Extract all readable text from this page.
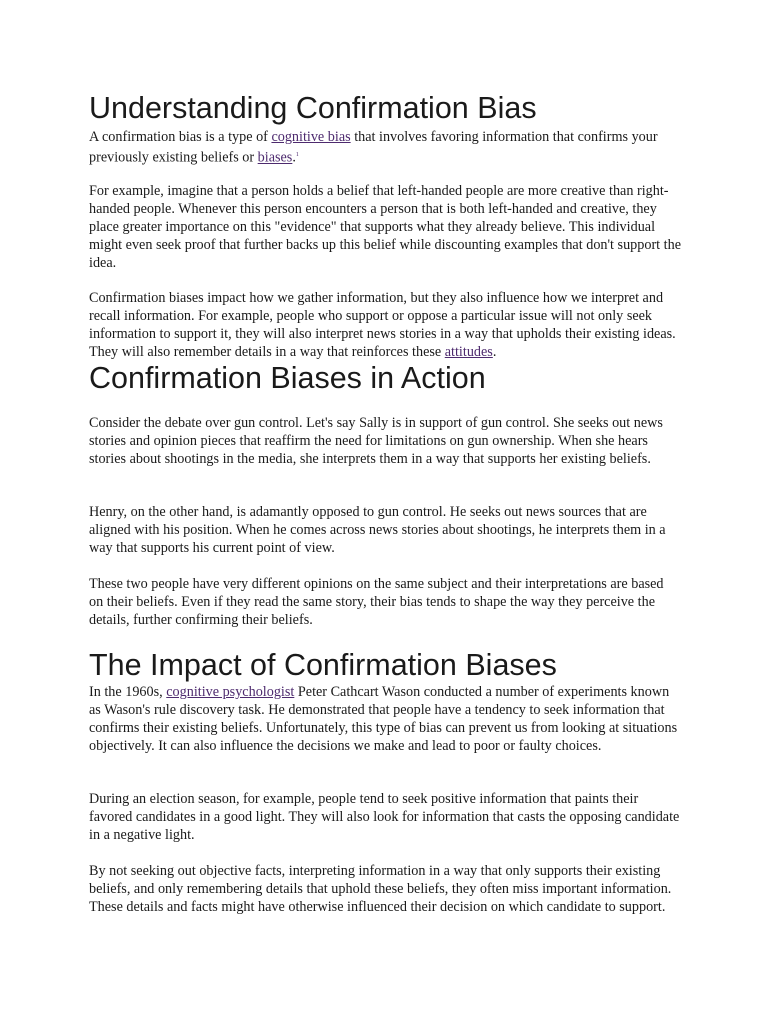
Understanding Confirmation Bias

A confirmation bias is a type of cognitive bias that involves favoring information that confirms your previously existing beliefs or biases.$^1$

For example, imagine that a person holds a belief that left-handed people are more creative than right-handed people. Whenever this person encounters a person that is both left-handed and creative, they place greater importance on this "evidence" that supports what they already believe. This individual might even seek proof that further backs up this belief while discounting examples that don't support the idea.

Confirmation biases impact how we gather information, but they also influence how we interpret and recall information. For example, people who support or oppose a particular issue will not only seek information to support it, they will also interpret news stories in a way that upholds their existing ideas. They will also remember details in a way that reinforces these attitudes.

Confirmation Biases in Action

Consider the debate over gun control. Let's say Sally is in support of gun control. She seeks out news stories and opinion pieces that reaffirm the need for limitations on gun ownership. When she hears stories about shootings in the media, she interprets them in a way that supports her existing beliefs.

Henry, on the other hand, is adamantly opposed to gun control. He seeks out news sources that are aligned with his position. When he comes across news stories about shootings, he interprets them in a way that supports his current point of view.

These two people have very different opinions on the same subject and their interpretations are based on their beliefs. Even if they read the same story, their bias tends to shape the way they perceive the details, further confirming their beliefs.

The Impact of Confirmation Biases

In the 1960s, cognitive psychologist Peter Cathcart Wason conducted a number of experiments known as Wason's rule discovery task. He demonstrated that people have a tendency to seek information that confirms their existing beliefs. Unfortunately, this type of bias can prevent us from looking at situations objectively. It can also influence the decisions we make and lead to poor or faulty choices.

During an election season, for example, people tend to seek positive information that paints their favored candidates in a good light. They will also look for information that casts the opposing candidate in a negative light.

By not seeking out objective facts, interpreting information in a way that only supports their existing beliefs, and only remembering details that uphold these beliefs, they often miss important information. These details and facts might have otherwise influenced their decision on which candidate to support.
